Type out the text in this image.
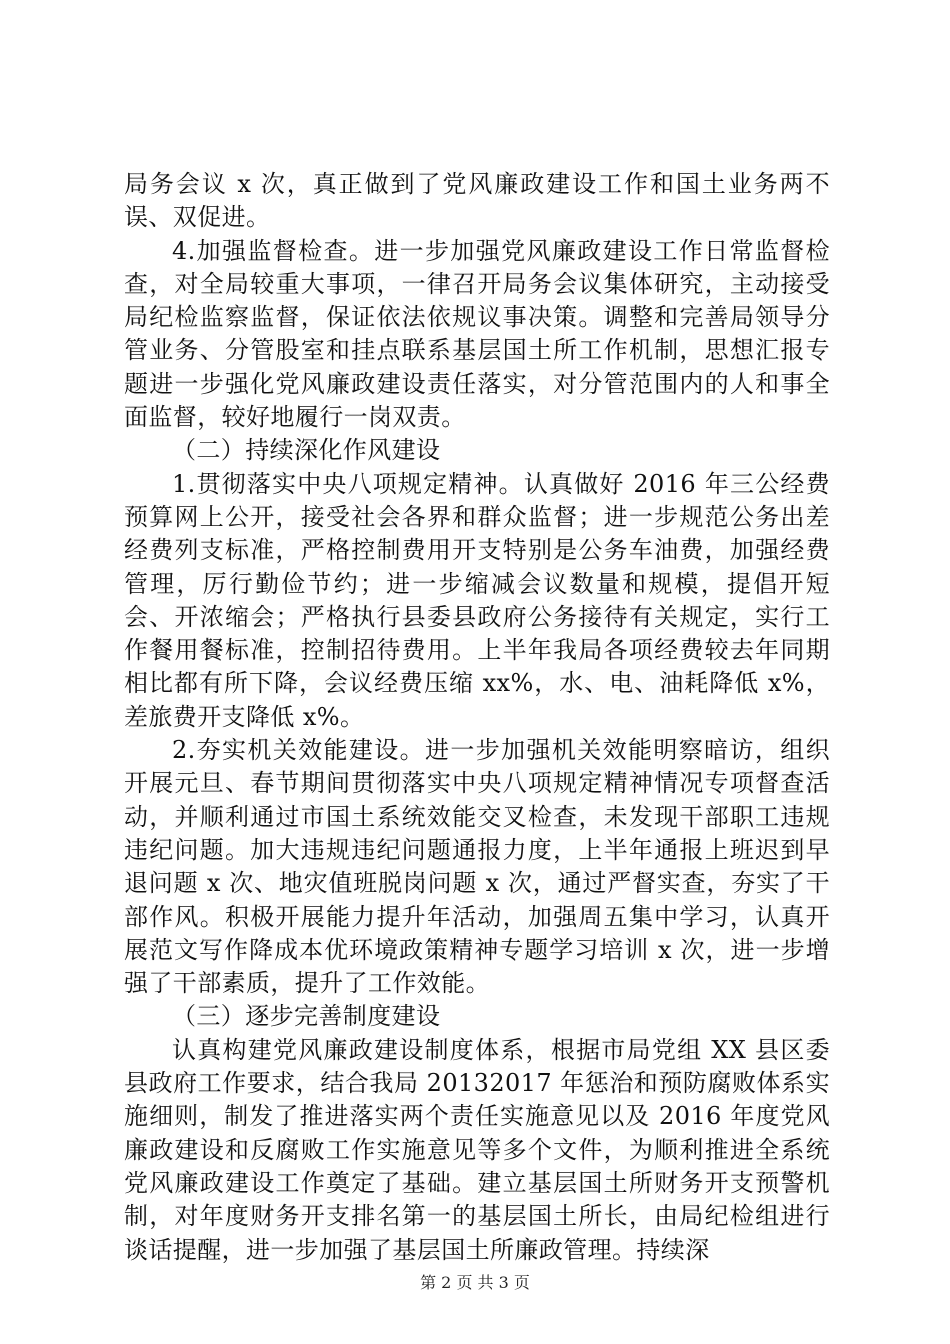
局务会议 x 次，真正做到了党风廉政建设工作和国土业务两不误、双促进。

4.加强监督检查。进一步加强党风廉政建设工作日常监督检查，对全局较重大事项，一律召开局务会议集体研究，主动接受局纪检监察监督，保证依法依规议事决策。调整和完善局领导分管业务、分管股室和挂点联系基层国土所工作机制，思想汇报专题进一步强化党风廉政建设责任落实，对分管范围内的人和事全面监督，较好地履行一岗双责。

（二）持续深化作风建设

1.贯彻落实中央八项规定精神。认真做好 2016 年三公经费预算网上公开，接受社会各界和群众监督；进一步规范公务出差经费列支标准，严格控制费用开支特别是公务车油费，加强经费管理，厉行勤俭节约；进一步缩减会议数量和规模，提倡开短会、开浓缩会；严格执行县委县政府公务接待有关规定，实行工作餐用餐标准，控制招待费用。上半年我局各项经费较去年同期相比都有所下降，会议经费压缩 xx%，水、电、油耗降低 x%，差旅费开支降低 x%。

2.夯实机关效能建设。进一步加强机关效能明察暗访，组织开展元旦、春节期间贯彻落实中央八项规定精神情况专项督查活动，并顺利通过市国土系统效能交叉检查，未发现干部职工违规违纪问题。加大违规违纪问题通报力度，上半年通报上班迟到早退问题 x 次、地灾值班脱岗问题 x 次，通过严督实查，夯实了干部作风。积极开展能力提升年活动，加强周五集中学习，认真开展范文写作降成本优环境政策精神专题学习培训 x 次，进一步增强了干部素质，提升了工作效能。

（三）逐步完善制度建设

认真构建党风廉政建设制度体系，根据市局党组 XX 县区委县政府工作要求，结合我局 20132017 年惩治和预防腐败体系实施细则，制发了推进落实两个责任实施意见以及 2016 年度党风廉政建设和反腐败工作实施意见等多个文件，为顺利推进全系统党风廉政建设工作奠定了基础。建立基层国土所财务开支预警机制，对年度财务开支排名第一的基层国土所长，由局纪检组进行谈话提醒，进一步加强了基层国土所廉政管理。持续深

第 2 页 共 3 页
